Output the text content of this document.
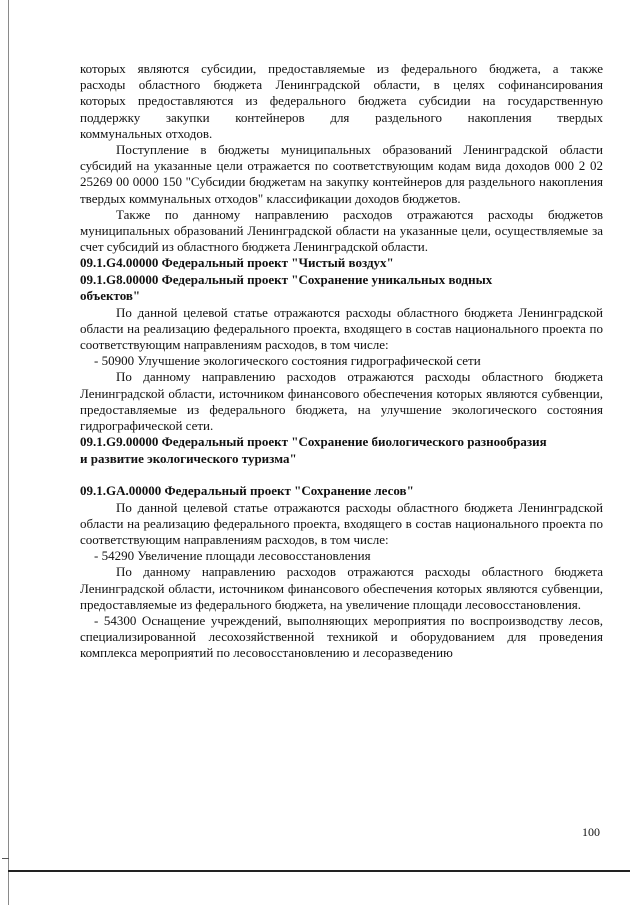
которых являются субсидии, предоставляемые из федерального бюджета, а также

расходы областного бюджета Ленинградской области, в целях софинансирования

которых предоставляются из федерального бюджета субсидии на государственную

поддержку закупки контейнеров для раздельного накопления твердых

коммунальных отходов.

Поступление в бюджеты муниципальных образований Ленинградской области субсидий на указанные цели отражается по соответствующим кодам вида доходов 000 2 02 25269 00 0000 150 "Субсидии бюджетам на закупку контейнеров для раздельного накопления твердых коммунальных отходов" классификации доходов бюджетов.

Также по данному направлению расходов отражаются расходы бюджетов муниципальных образований Ленинградской области на указанные цели, осуществляемые за счет субсидий из областного бюджета Ленинградской области.

09.1.G4.00000 Федеральный проект "Чистый воздух"

09.1.G8.00000 Федеральный проект "Сохранение уникальных водных

объектов"

По данной целевой статье отражаются расходы областного бюджета Ленинградской области на реализацию федерального проекта, входящего в состав национального проекта по соответствующим направлениям расходов, в том числе:

- 50900 Улучшение экологического состояния гидрографической сети

По данному направлению расходов отражаются расходы областного бюджета Ленинградской области, источником финансового обеспечения которых являются субвенции, предоставляемые из федерального бюджета, на улучшение экологического состояния гидрографической сети.

09.1.G9.00000 Федеральный проект "Сохранение биологического разнообразия

и развитие экологического туризма"

09.1.GA.00000 Федеральный проект "Сохранение лесов"

По данной целевой статье отражаются расходы областного бюджета Ленинградской области на реализацию федерального проекта, входящего в состав национального проекта по соответствующим направлениям расходов, в том числе:

- 54290 Увеличение площади лесовосстановления

По данному направлению расходов отражаются расходы областного бюджета Ленинградской области, источником финансового обеспечения которых являются субвенции, предоставляемые из федерального бюджета, на увеличение площади лесовосстановления.

- 54300 Оснащение учреждений, выполняющих мероприятия по воспроизводству лесов, специализированной лесохозяйственной техникой и оборудованием для проведения комплекса мероприятий по лесовосстановлению и лесоразведению

100
